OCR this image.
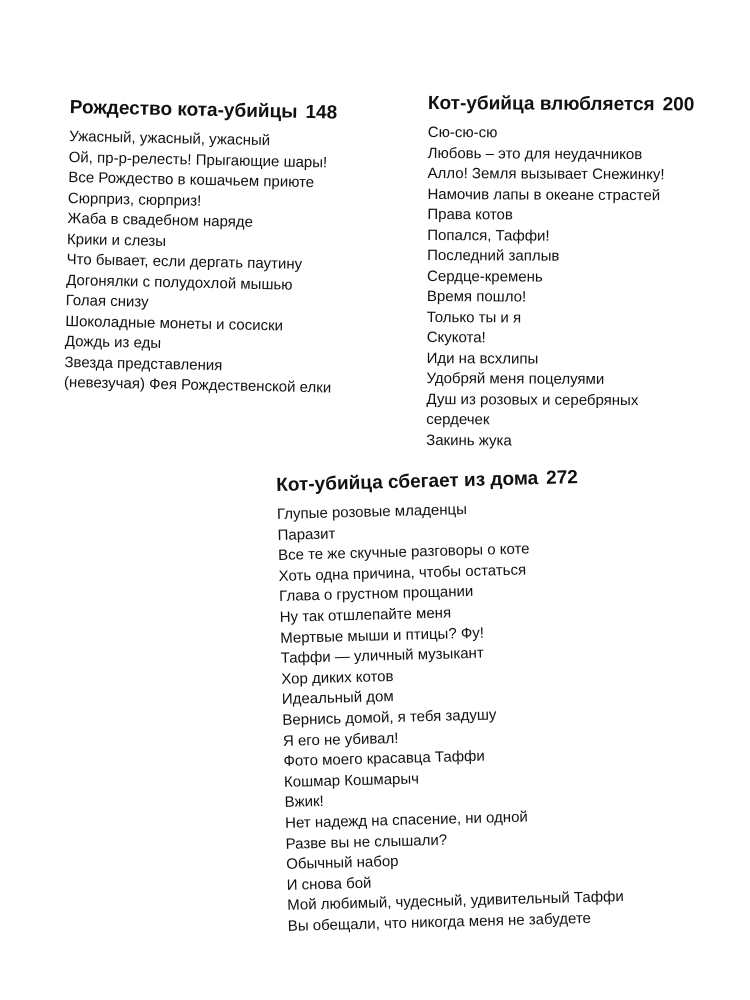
Рождество кота-убийцы 148
Ужасный, ужасный, ужасный
Ой, пр-р-релесть! Прыгающие шары!
Все Рождество в кошачьем приюте
Сюрприз, сюрприз!
Жаба в свадебном наряде
Крики и слезы
Что бывает, если дергать паутину
Догонялки с полудохлой мышью
Голая снизу
Шоколадные монеты и сосиски
Дождь из еды
Звезда представления
(невезучая) Фея Рождественской елки
Кот-убийца влюбляется 200
Сю-сю-сю
Любовь – это для неудачников
Алло! Земля вызывает Снежинку!
Намочив лапы в океане страстей
Права котов
Попался, Таффи!
Последний заплыв
Сердце-кремень
Время пошло!
Только ты и я
Скукота!
Иди на всхлипы
Удобряй меня поцелуями
Душ из розовых и серебряных
сердечек
Закинь жука
Кот-убийца сбегает из дома 272
Глупые розовые младенцы
Паразит
Все те же скучные разговоры о коте
Хоть одна причина, чтобы остаться
Глава о грустном прощании
Ну так отшлепайте меня
Мертвые мыши и птицы? Фу!
Таффи — уличный музыкант
Хор диких котов
Идеальный дом
Вернись домой, я тебя задушу
Я его не убивал!
Фото моего красавца Таффи
Кошмар Кошмарыч
Вжик!
Нет надежд на спасение, ни одной
Разве вы не слышали?
Обычный набор
И снова бой
Мой любимый, чудесный, удивительный Таффи
Вы обещали, что никогда меня не забудете
